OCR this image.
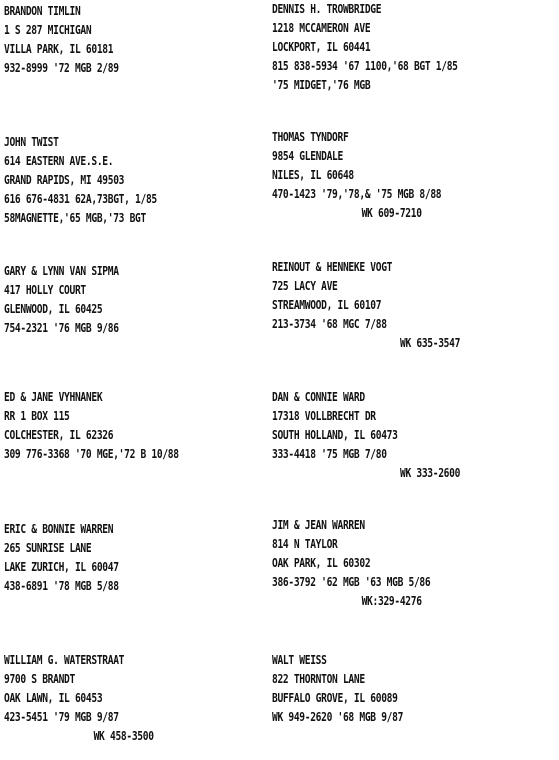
BRANDON TIMLIN
1 S 287 MICHIGAN
VILLA PARK, IL 60181
932-8999 '72 MGB 2/89
DENNIS H. TROWBRIDGE
1218 MCCAMERON AVE
LOCKPORT, IL 60441
815 838-5934 '67 1100,'68 BGT 1/85
'75 MIDGET,'76 MGB
JOHN TWIST
614 EASTERN AVE.S.E.
GRAND RAPIDS, MI 49503
616 676-4831 62A,73BGT, 1/85
58MAGNETTE,'65 MGB,'73 BGT
THOMAS TYNDORF
9854 GLENDALE
NILES, IL 60648
470-1423 '79,'78,& '75 MGB 8/88
WK 609-7210
GARY & LYNN VAN SIPMA
417 HOLLY COURT
GLENWOOD, IL 60425
754-2321 '76 MGB 9/86
REINOUT & HENNEKE VOGT
725 LACY AVE
STREAMWOOD, IL 60107
213-3734 '68 MGC 7/88
WK 635-3547
ED & JANE VYHNANEK
RR 1 BOX 115
COLCHESTER, IL 62326
309 776-3368 '70 MGE,'72 B 10/88
DAN & CONNIE WARD
17318 VOLLBRECHT DR
SOUTH HOLLAND, IL 60473
333-4418 '75 MGB 7/80
WK 333-2600
ERIC & BONNIE WARREN
265 SUNRISE LANE
LAKE ZURICH, IL 60047
438-6891 '78 MGB 5/88
JIM & JEAN WARREN
814 N TAYLOR
OAK PARK, IL 60302
386-3792 '62 MGB '63 MGB 5/86
WK:329-4276
WILLIAM G. WATERSTRAAT
9700 S BRANDT
OAK LAWN, IL 60453
423-5451 '79 MGB 9/87
WK 458-3500
WALT WEISS
822 THORNTON LANE
BUFFALO GROVE, IL 60089
WK 949-2620 '68 MGB 9/87
